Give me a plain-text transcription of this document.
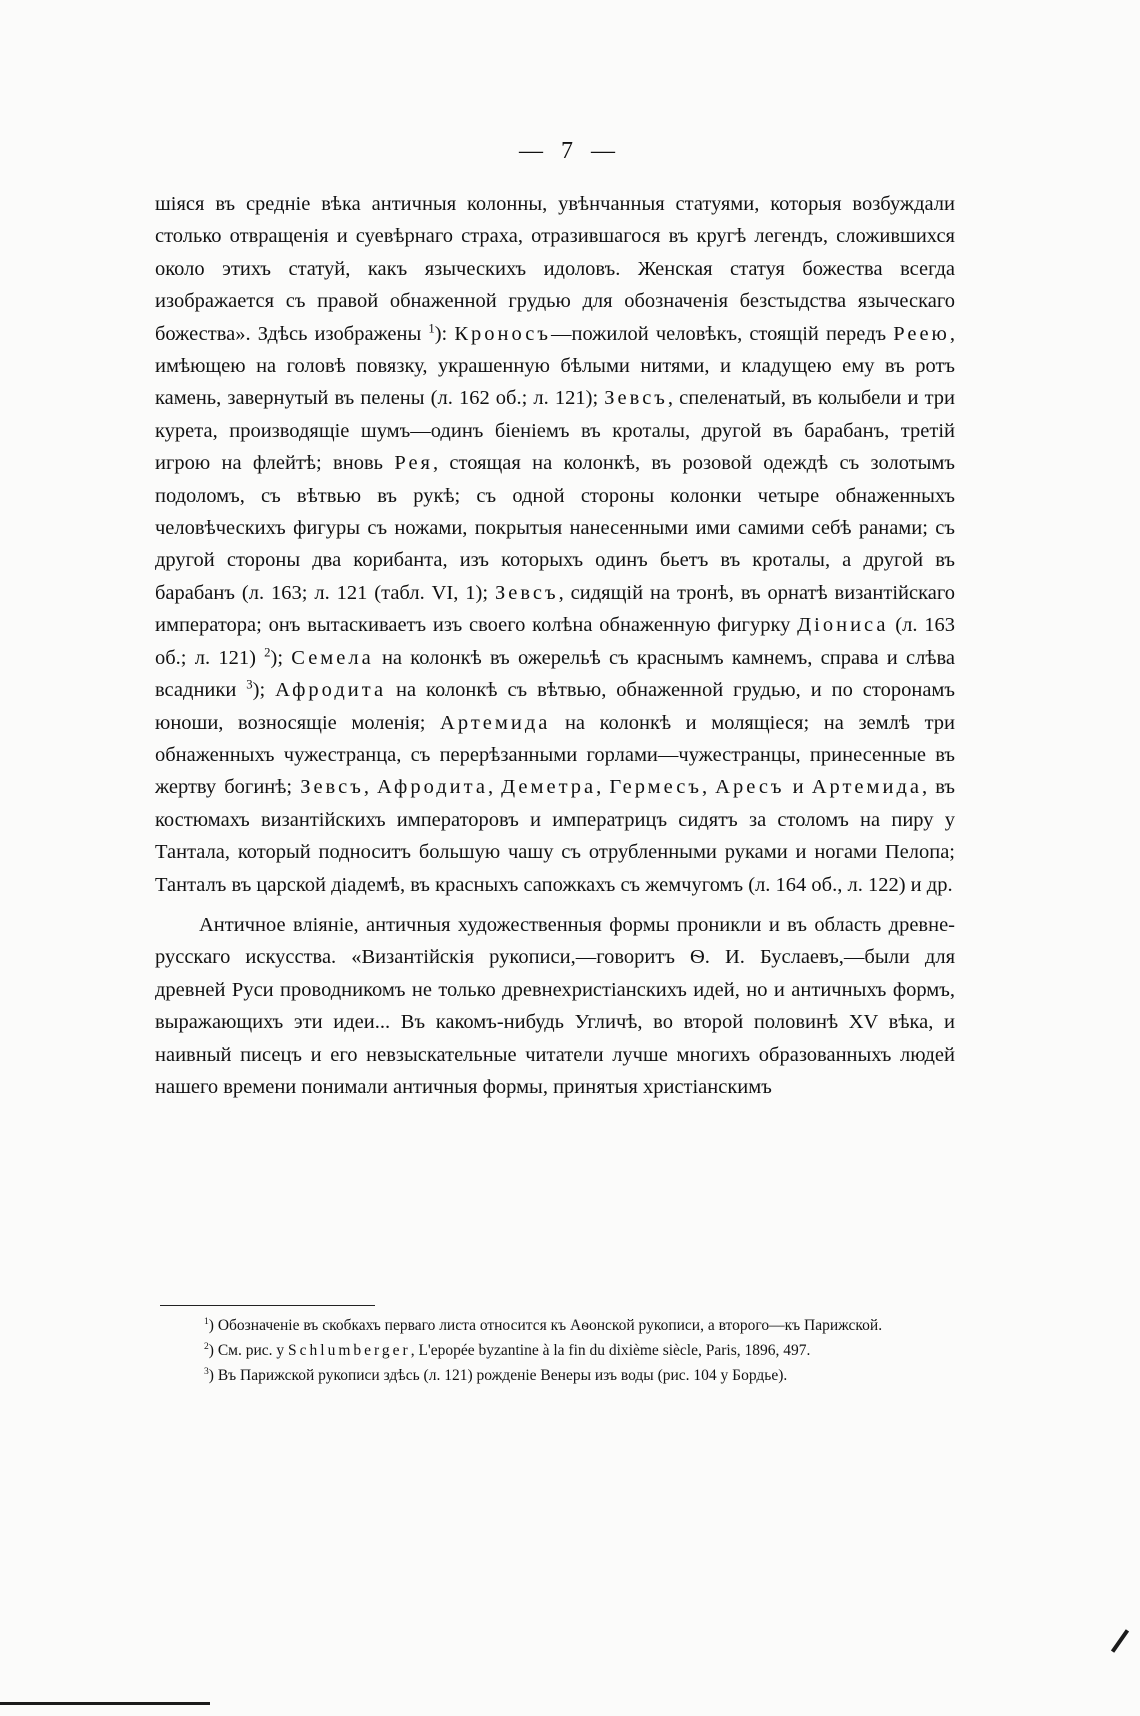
— 7 —

шiяся въ средніе вѣка античныя колонны, увѣнчанныя статуями, которыя возбуждали столько отвращенія и суевѣрнаго страха, отразившагося въ кругѣ легендъ, сложившихся около этихъ статуй, какъ языческихъ идоловъ. Женская статуя божества всегда изображается съ правой обнаженной грудью для обозначенія безстыдства языческаго божества». Здѣсь изображены $^1$): Кроносъ—пожилой человѣкъ, стоящій передъ Реею, имѣющею на головѣ повязку, украшенную бѣлыми нитями, и кладущею ему въ ротъ камень, завернутый въ пелены (л. 162 об.; л. 121); Зевсъ, спеленатый, въ колыбели и три курета, производящіе шумъ—одинъ біеніемъ въ кроталы, другой въ барабанъ, третій игрою на флейтѣ; вновь Рея, стоящая на колонкѣ, въ розовой одеждѣ съ золотымъ подоломъ, съ вѣтвью въ рукѣ; съ одной стороны колонки четыре обнаженныхъ человѣческихъ фигуры съ ножами, покрытыя нанесенными ими самими себѣ ранами; съ другой стороны два корибанта, изъ которыхъ одинъ бьетъ въ кроталы, а другой въ барабанъ (л. 163; л. 121 (табл. VI, 1); Зевсъ, сидящій на тронѣ, въ орнатѣ византійскаго императора; онъ вытаскиваетъ изъ своего колѣна обнаженную фигурку Діониса (л. 163 об.; л. 121) $^2$); Семела на колонкѣ въ ожерельѣ съ краснымъ камнемъ, справа и слѣва всадники $^3$); Афродита на колонкѣ съ вѣтвью, обнаженной грудью, и по сторонамъ юноши, возносящіе моленія; Артемида на колонкѣ и молящіеся; на землѣ три обнаженныхъ чужестранца, съ перерѣзанными горлами—чужестранцы, принесенные въ жертву богинѣ; Зевсъ, Афродита, Деметра, Гермесъ, Аресъ и Артемида, въ костюмахъ византійскихъ императоровъ и императрицъ сидятъ за столомъ на пиру у Тантала, который подноситъ большую чашу съ отрубленными руками и ногами Пелопа; Танталъ въ царской діадемѣ, въ красныхъ сапожкахъ съ жемчугомъ (л. 164 об., л. 122) и др.

Античное вліяніе, античныя художественныя формы проникли и въ область древне-русскаго искусства. «Византійскія рукописи,—говоритъ Ѳ. И. Буслаевъ,—были для древней Руси проводникомъ не только древнехристіанскихъ идей, но и античныхъ формъ, выражающихъ эти идеи... Въ какомъ-нибудь Угличѣ, во второй половинѣ XV вѣка, и наивный писецъ и его невзыскательные читатели лучше многихъ образованныхъ людей нашего времени понимали античныя формы, принятыя христіанскимъ

$^1$) Обозначеніе въ скобкахъ перваго листа относится къ Аѳонской рукописи, а второго—къ Парижской.

$^2$) См. рис. у Schlumberger, L'epopée byzantine à la fin du dixième siècle, Paris, 1896, 497.

$^3$) Въ Парижской рукописи здѣсь (л. 121) рожденіе Венеры изъ воды (рис. 104 у Бордье).
